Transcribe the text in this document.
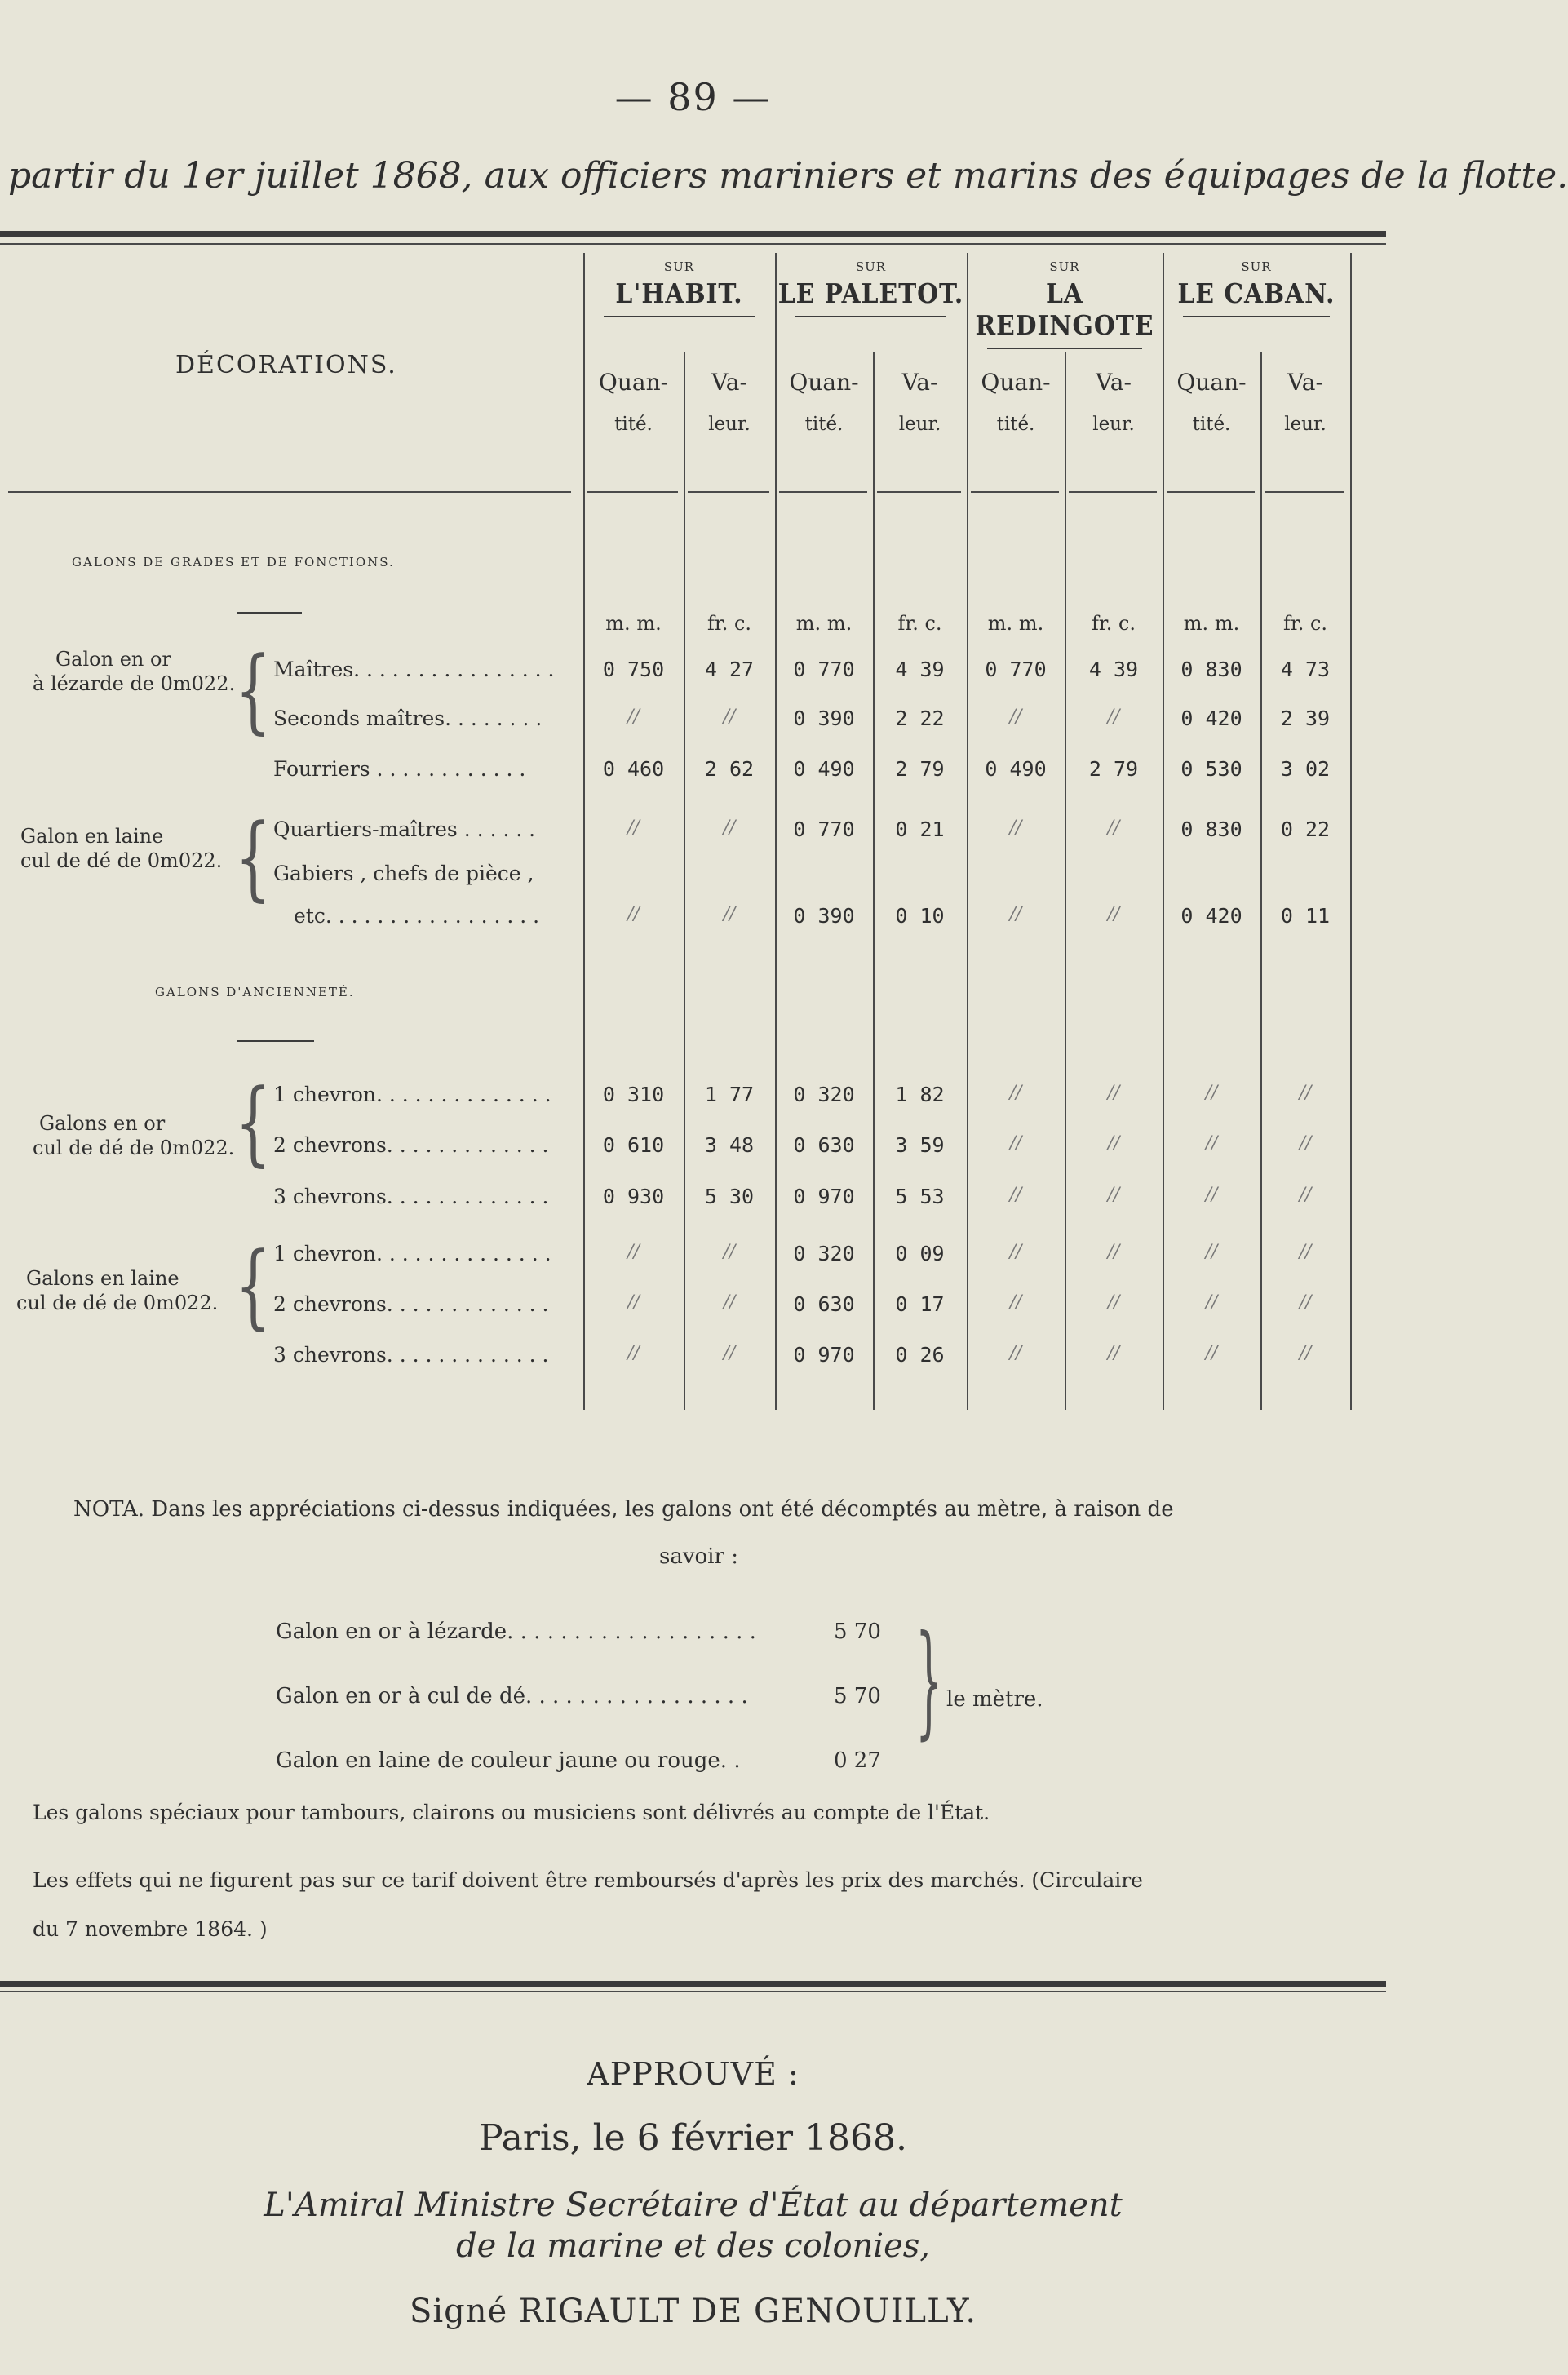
— 89 —
partir du 1er juillet 1868, aux officiers mariniers et marins des équipages de la flotte.
DÉCORATIONS.
SUR
L'HABIT.
Quan-
tité.
m. m.
Va-
leur.
fr. c.
SUR
LE PALETOT.
Quan-
tité.
m. m.
Va-
leur.
fr. c.
SUR
LA REDINGOTE
Quan-
tité.
m. m.
Va-
leur.
fr. c.
SUR
LE CABAN.
Quan-
tité.
m. m.
Va-
leur.
fr. c.
GALONS DE GRADES ET DE FONCTIONS.
GALONS D'ANCIENNETÉ.
Galon en or
à lézarde de 0m022. {
Galon en laine
cul de dé de 0m022. {
Galons en or
cul de dé de 0m022. {
Galons en laine
cul de dé de 0m022. {
Maîtres. . . . . . . . . . . . . . . .	0 750	4 27	0 770	4 39	0 770	4 39	0 830	4 73
Seconds maîtres. . . . . . . .	//	//	0 390	2 22	//	//	0 420	2 39
Fourriers . . . . . . . . . . . .	0 460	2 62	0 490	2 79	0 490	2 79	0 530	3 02
Quartiers-maîtres . . . . . .	//	//	0 770	0 21	//	//	0 830	0 22
Gabiers , chefs de pièce ,
etc. . . . . . . . . . . . . . . . .	//	//	0 390	0 10	//	//	0 420	0 11
1 chevron. . . . . . . . . . . . . .	0 310	1 77	0 320	1 82	//	//	//	//
2 chevrons. . . . . . . . . . . . .	0 610	3 48	0 630	3 59	//	//	//	//
3 chevrons. . . . . . . . . . . . .	0 930	5 30	0 970	5 53	//	//	//	//
1 chevron. . . . . . . . . . . . . .	//	//	0 320	0 09	//	//	//	//
2 chevrons. . . . . . . . . . . . .	//	//	0 630	0 17	//	//	//	//
3 chevrons. . . . . . . . . . . . .	//	//	0 970	0 26	//	//	//	//
NOTA. Dans les appréciations ci-dessus indiquées, les galons ont été décomptés au mètre, à raison de
savoir :
Galon en or à lézarde. . . . . . . . . . . . . . . . . . .	5 70
Galon en or à cul de dé. . . . . . . . . . . . . . . . .	5 70
Galon en laine de couleur jaune ou rouge. .	0 27
} le mètre.
Les galons spéciaux pour tambours, clairons ou musiciens sont délivrés au compte de l'État.
Les effets qui ne figurent pas sur ce tarif doivent être remboursés d'après les prix des marchés. (Circulaire
du 7 novembre 1864. )
APPROUVÉ :
Paris, le 6 février 1868.
L'Amiral Ministre Secrétaire d'État au département
de la marine et des colonies,
Signé RIGAULT DE GENOUILLY.
